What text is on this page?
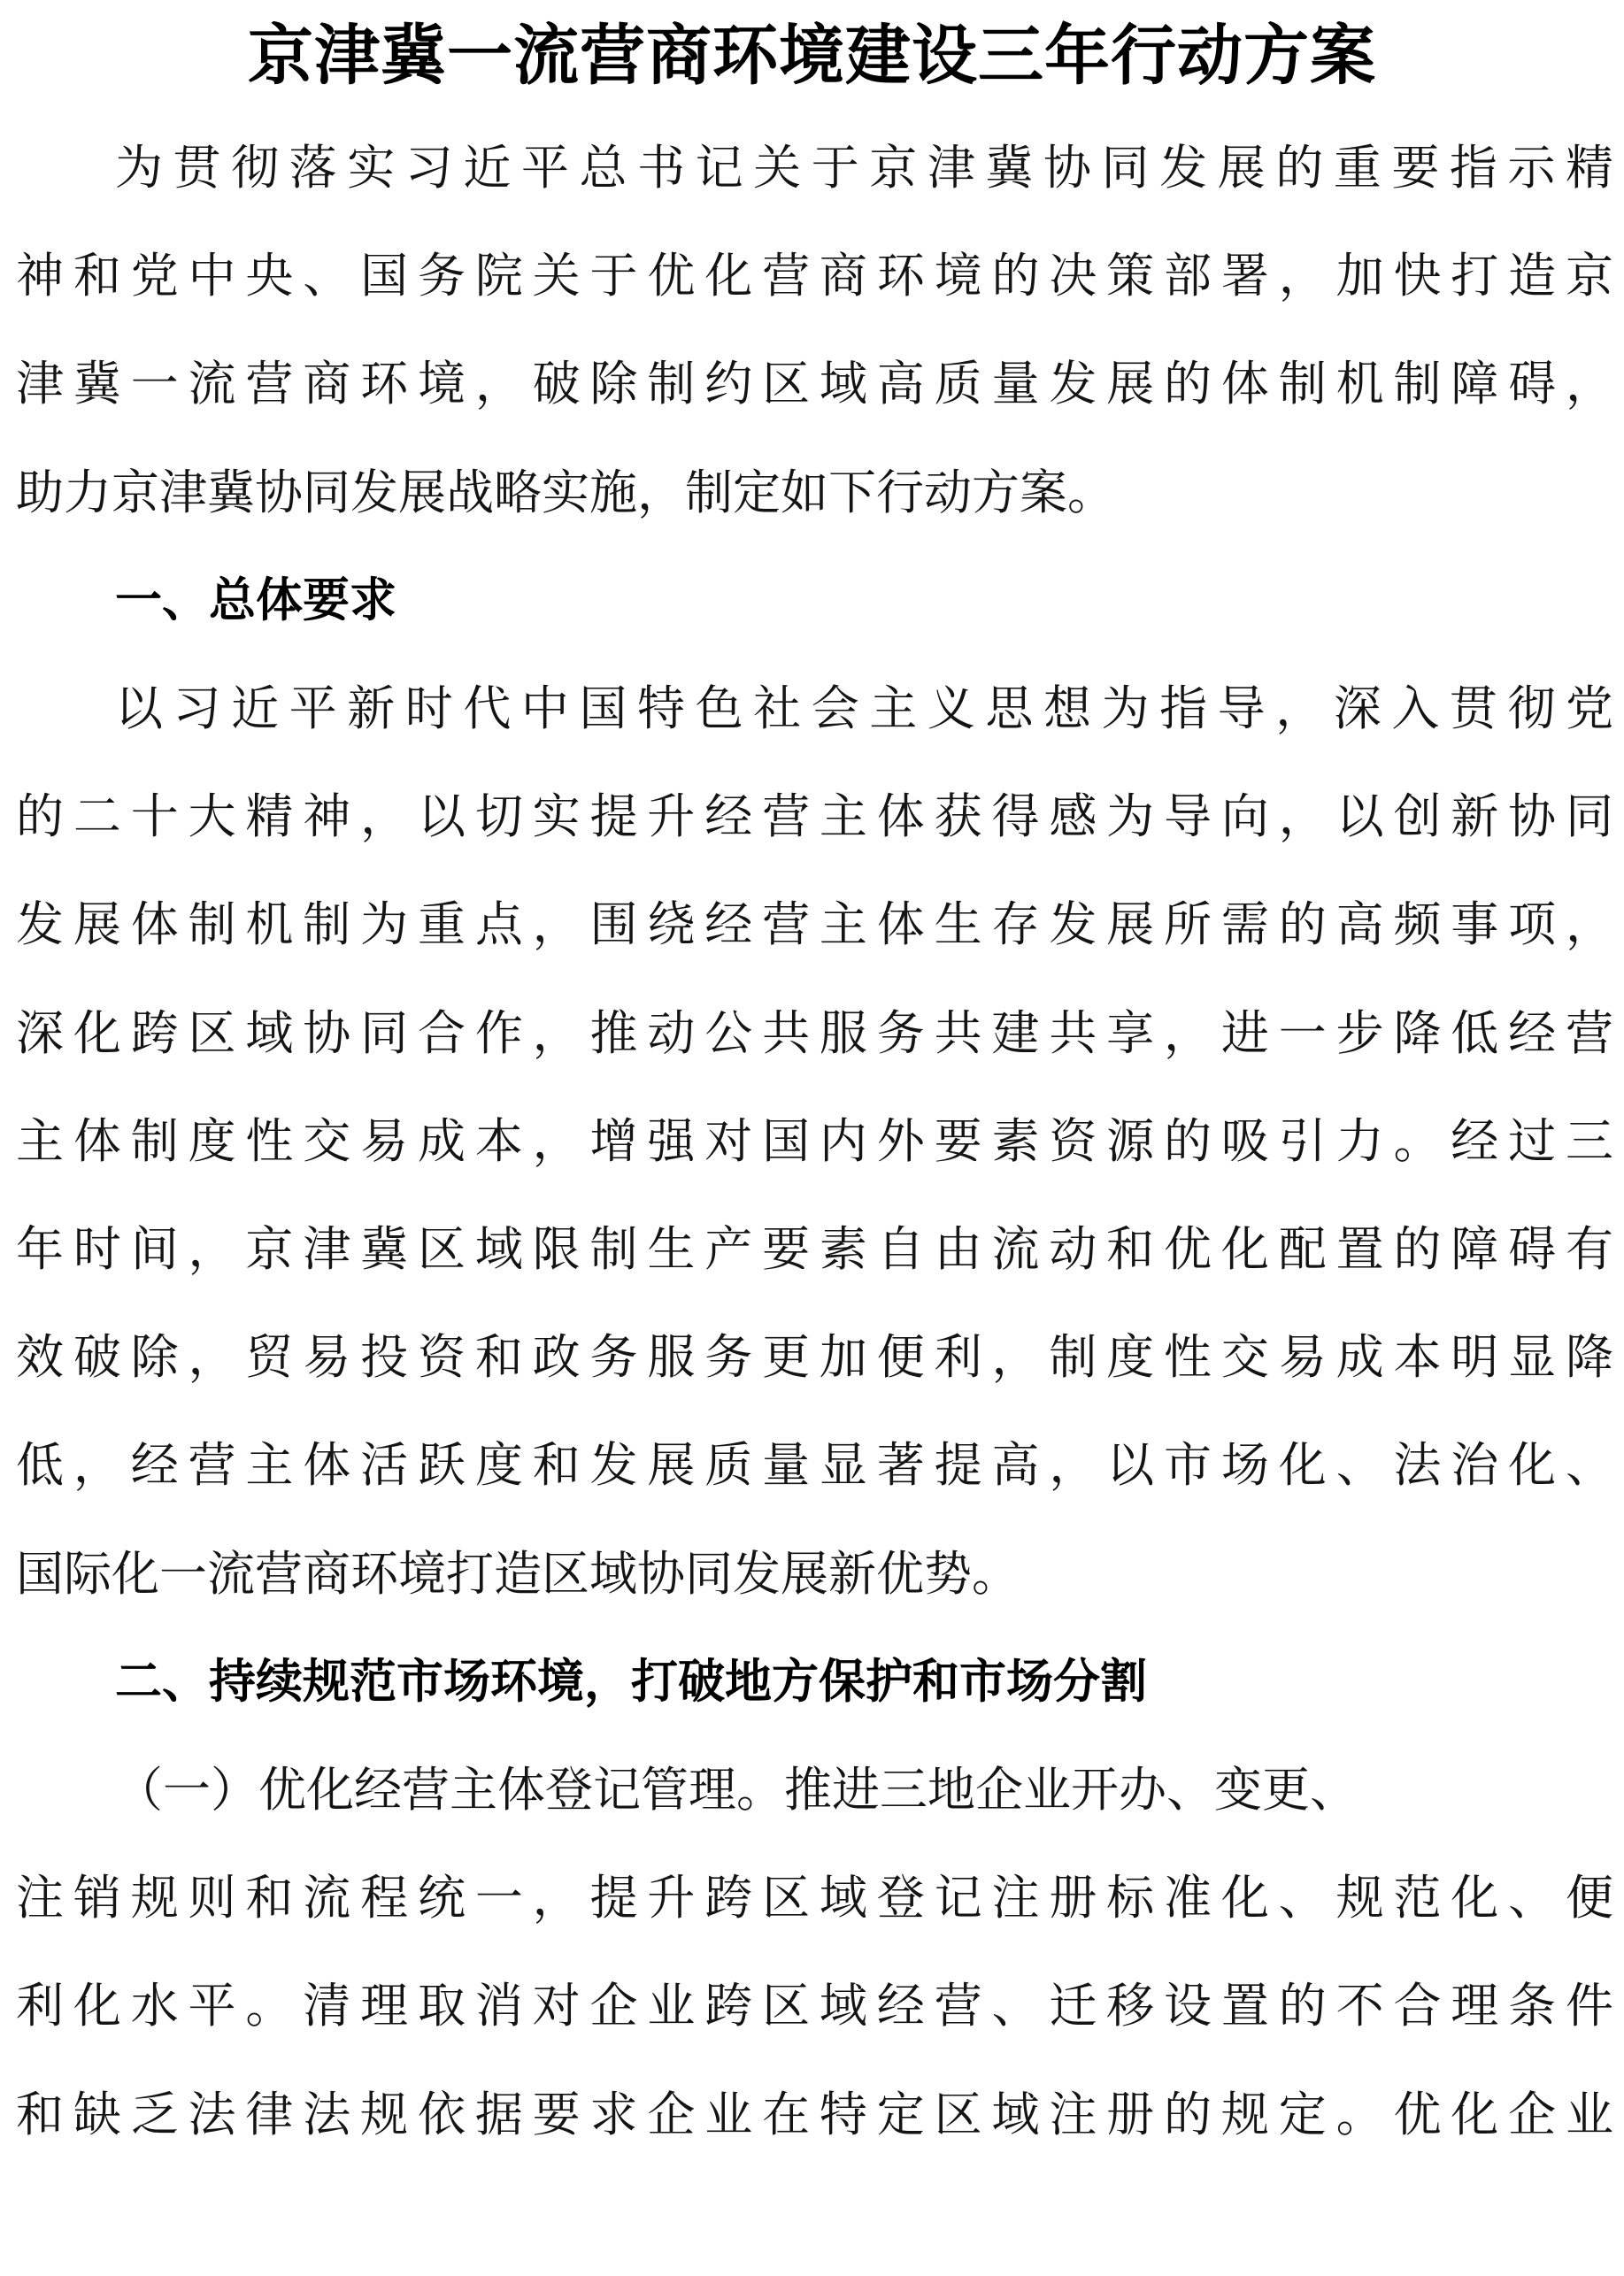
京津冀一流营商环境建设三年行动方案
为贯彻落实习近平总书记关于京津冀协同发展的重要指示精
神和党中央、国务院关于优化营商环境的决策部署，加快打造京
津冀一流营商环境，破除制约区域高质量发展的体制机制障碍，
助力京津冀协同发展战略实施，制定如下行动方案。
一、总体要求
以习近平新时代中国特色社会主义思想为指导，深入贯彻党
的二十大精神，以切实提升经营主体获得感为导向，以创新协同
发展体制机制为重点，围绕经营主体生存发展所需的高频事项，
深化跨区域协同合作，推动公共服务共建共享，进一步降低经营
主体制度性交易成本，增强对国内外要素资源的吸引力。经过三
年时间，京津冀区域限制生产要素自由流动和优化配置的障碍有
效破除，贸易投资和政务服务更加便利，制度性交易成本明显降
低，经营主体活跃度和发展质量显著提高，以市场化、法治化、
国际化一流营商环境打造区域协同发展新优势。
二、持续规范市场环境，打破地方保护和市场分割
（一）优化经营主体登记管理。推进三地企业开办、变更、
注销规则和流程统一，提升跨区域登记注册标准化、规范化、便
利化水平。清理取消对企业跨区域经营、迁移设置的不合理条件
和缺乏法律法规依据要求企业在特定区域注册的规定。优化企业
